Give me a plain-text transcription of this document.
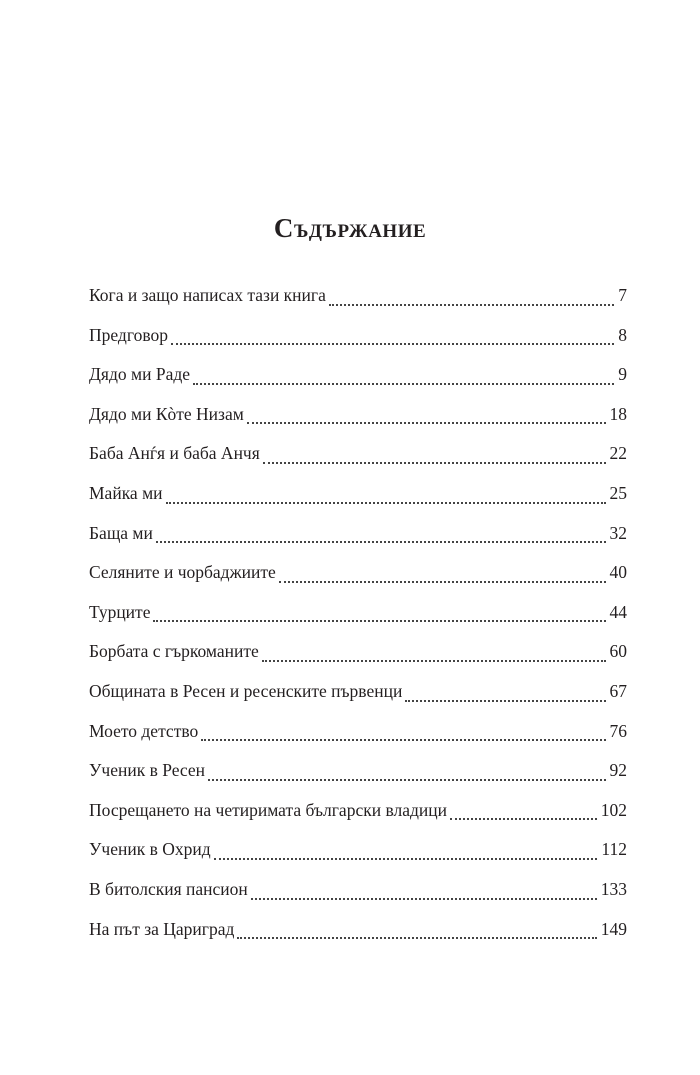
Съдържание
Кога и защо написах тази книга	7
Предговор	8
Дядо ми Раде	9
Дядо ми Кòте Низам	18
Баба Анѓя и баба Анчя	22
Майка ми	25
Баща ми	32
Селяните и чорбаджиите	40
Турците	44
Борбата с гъркоманите	60
Общината в Ресен и ресенските първенци	67
Моето детство	76
Ученик в Ресен	92
Посрещането на четиримата български владици	102
Ученик в Охрид	112
В битолския пансион	133
На път за Цариград	149
